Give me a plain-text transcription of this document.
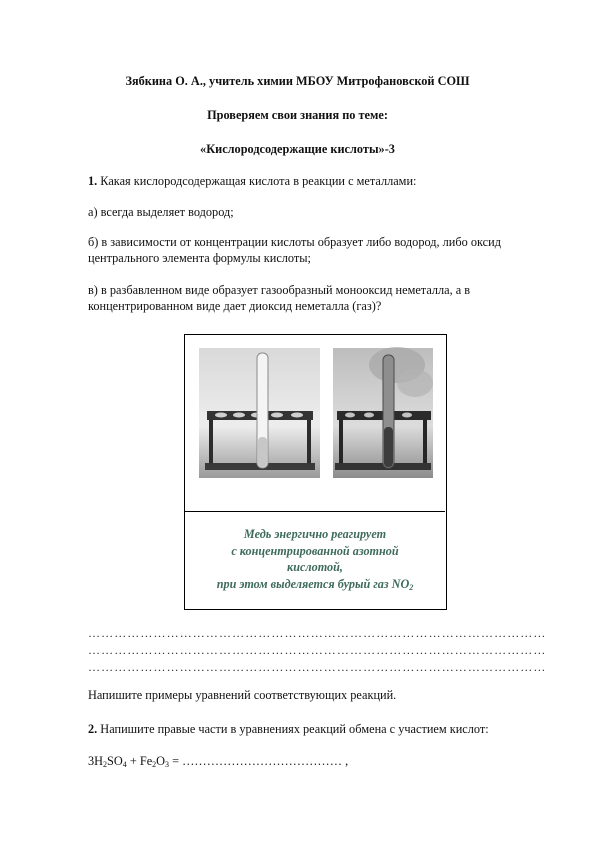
Зябкина О. А., учитель химии МБОУ Митрофановской СОШ
Проверяем свои знания по теме:
«Кислородсодержащие кислоты»-3
1. Какая кислородсодержащая кислота в реакции с металлами:
а) всегда выделяет водород;
б) в зависимости от концентрации кислоты образует либо водород, либо оксид
центрального элемента формулы кислоты;
в) в разбавленном виде образует газообразный монооксид неметалла, а в
концентрированном виде дает диоксид неметалла (газ)?
Медь энергично реагирует
с концентрированной азотной
кислотой,
при этом выделяется бурый газ $NO_2$
……………………………………………………………………………………………
……………………………………………………………………………………………
……………………………………………………………………………………………
Напишите примеры уравнений соответствующих реакций.
2. Напишите правые части в уравнениях реакций обмена с участием кислот:
$3H_2SO_4 + Fe_2O_3$ = ………………………………… ,
